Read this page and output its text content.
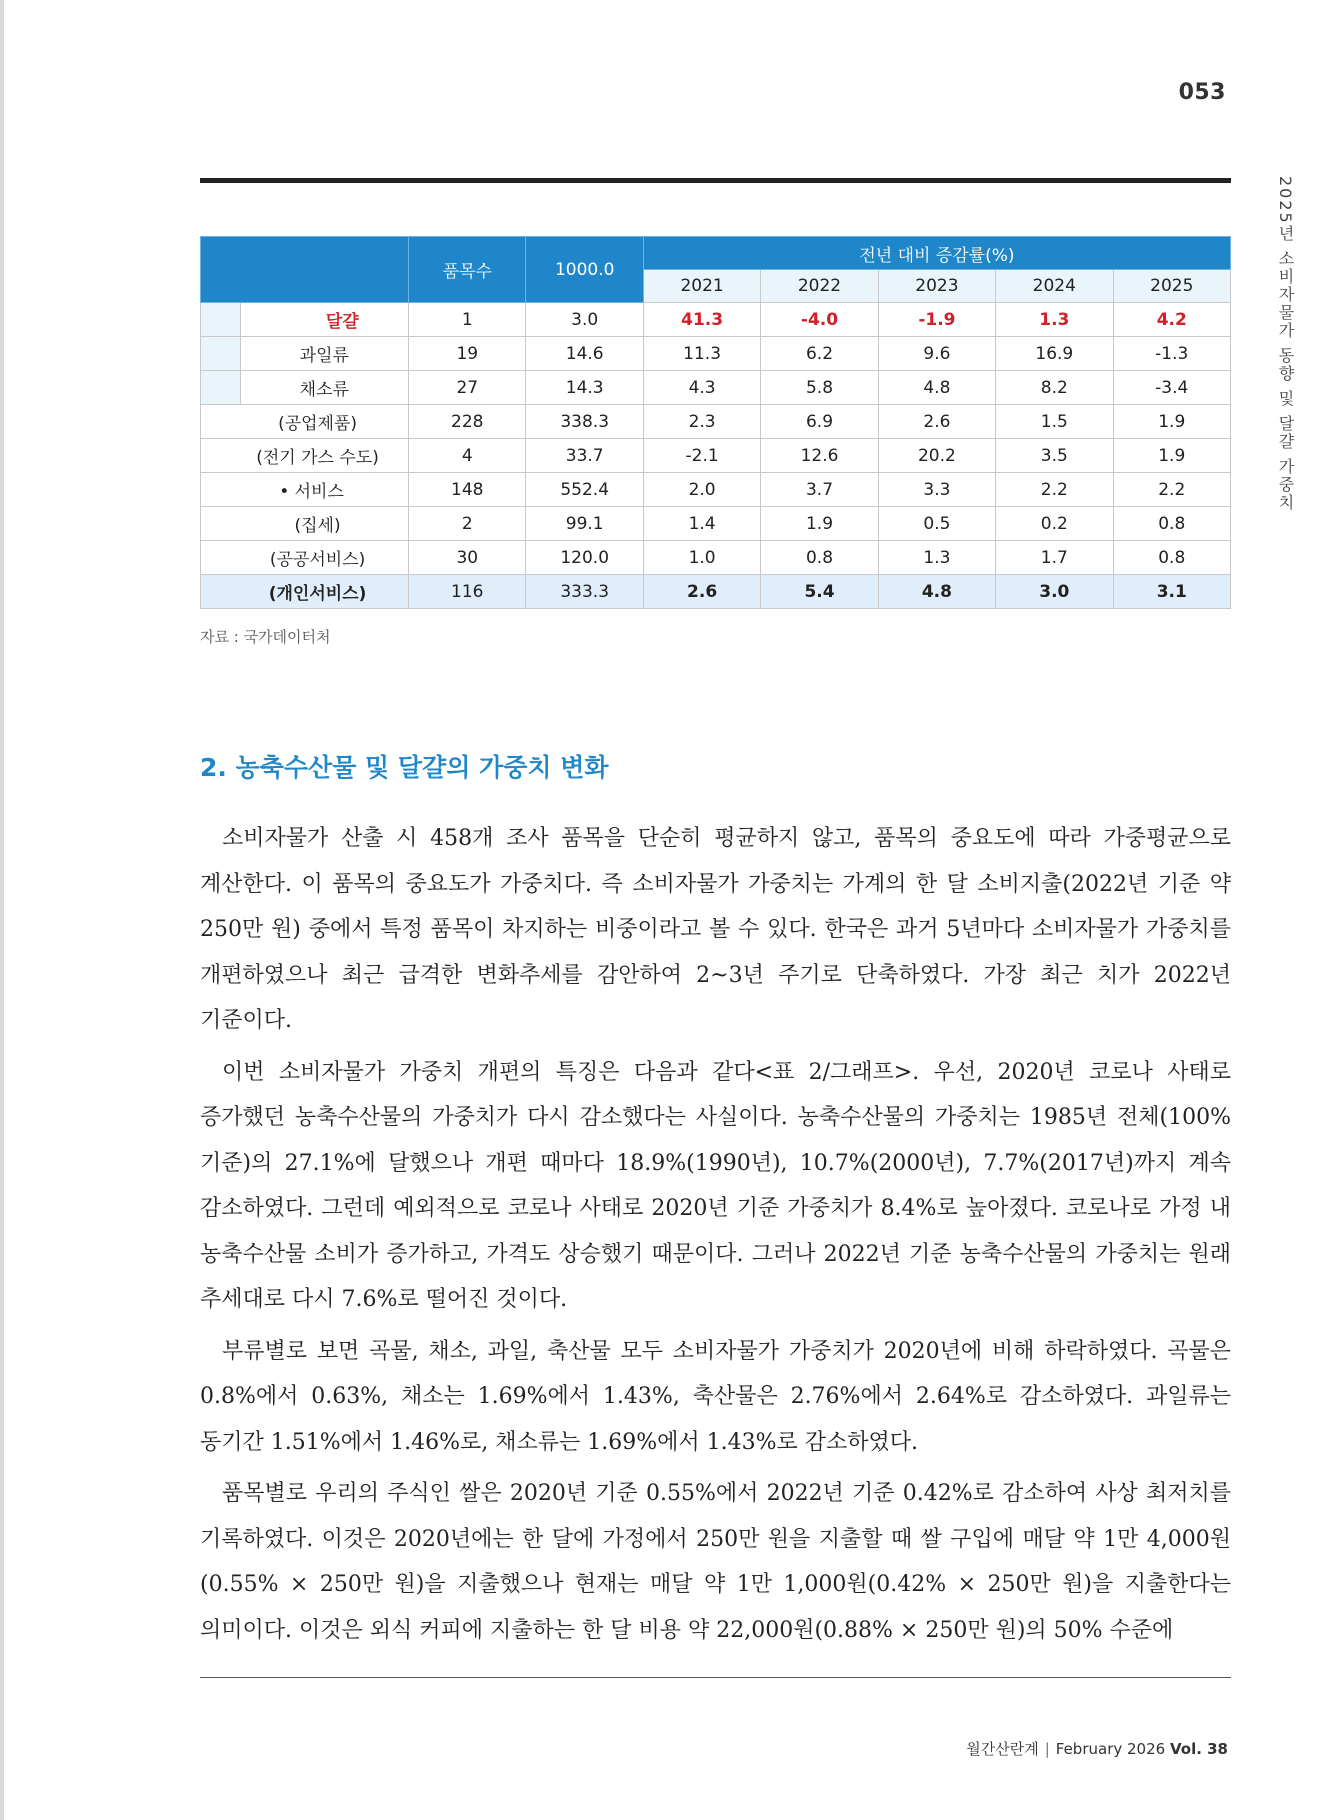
053
2025년 소비자물가 동향 및 달걀 가중치
		품목수	1000.0	전년 대비 증감률(%)				
				2021	2022	2023	2024	2025
	달걀	1	3.0	41.3	-4.0	-1.9	1.3	4.2
	과일류	19	14.6	11.3	6.2	9.6	16.9	-1.3
	채소류	27	14.3	4.3	5.8	4.8	8.2	-3.4
(공업제품)		228	338.3	2.3	6.9	2.6	1.5	1.9
(전기 가스 수도)		4	33.7	-2.1	12.6	20.2	3.5	1.9
• 서비스		148	552.4	2.0	3.7	3.3	2.2	2.2
(집세)		2	99.1	1.4	1.9	0.5	0.2	0.8
(공공서비스)		30	120.0	1.0	0.8	1.3	1.7	0.8
(개인서비스)		116	333.3	2.6	5.4	4.8	3.0	3.1
자료 : 국가데이터처
2. 농축수산물 및 달걀의 가중치 변화

소비자물가 산출 시 458개 조사 품목을 단순히 평균하지 않고, 품목의 중요도에 따라 가중평균으로 계산한다. 이 품목의 중요도가 가중치다. 즉 소비자물가 가중치는 가계의 한 달 소비지출(2022년 기준 약 250만 원) 중에서 특정 품목이 차지하는 비중이라고 볼 수 있다. 한국은 과거 5년마다 소비자물가 가중치를 개편하였으나 최근 급격한 변화추세를 감안하여 2~3년 주기로 단축하였다. 가장 최근 치가 2022년 기준이다.

이번 소비자물가 가중치 개편의 특징은 다음과 같다<표 2/그래프>. 우선, 2020년 코로나 사태로 증가했던 농축수산물의 가중치가 다시 감소했다는 사실이다. 농축수산물의 가중치는 1985년 전체(100% 기준)의 27.1%에 달했으나 개편 때마다 18.9%(1990년), 10.7%(2000년), 7.7%(2017년)까지 계속 감소하였다. 그런데 예외적으로 코로나 사태로 2020년 기준 가중치가 8.4%로 높아졌다. 코로나로 가정 내 농축수산물 소비가 증가하고, 가격도 상승했기 때문이다. 그러나 2022년 기준 농축수산물의 가중치는 원래 추세대로 다시 7.6%로 떨어진 것이다.

부류별로 보면 곡물, 채소, 과일, 축산물 모두 소비자물가 가중치가 2020년에 비해 하락하였다. 곡물은 0.8%에서 0.63%, 채소는 1.69%에서 1.43%, 축산물은 2.76%에서 2.64%로 감소하였다. 과일류는 동기간 1.51%에서 1.46%로, 채소류는 1.69%에서 1.43%로 감소하였다.

품목별로 우리의 주식인 쌀은 2020년 기준 0.55%에서 2022년 기준 0.42%로 감소하여 사상 최저치를 기록하였다. 이것은 2020년에는 한 달에 가정에서 250만 원을 지출할 때 쌀 구입에 매달 약 1만 4,000원(0.55% × 250만 원)을 지출했으나 현재는 매달 약 1만 1,000원(0.42% × 250만 원)을 지출한다는 의미이다. 이것은 외식 커피에 지출하는 한 달 비용 약 22,000원(0.88% × 250만 원)의 50% 수준에

월간산란계 | February 2026 Vol. 38
